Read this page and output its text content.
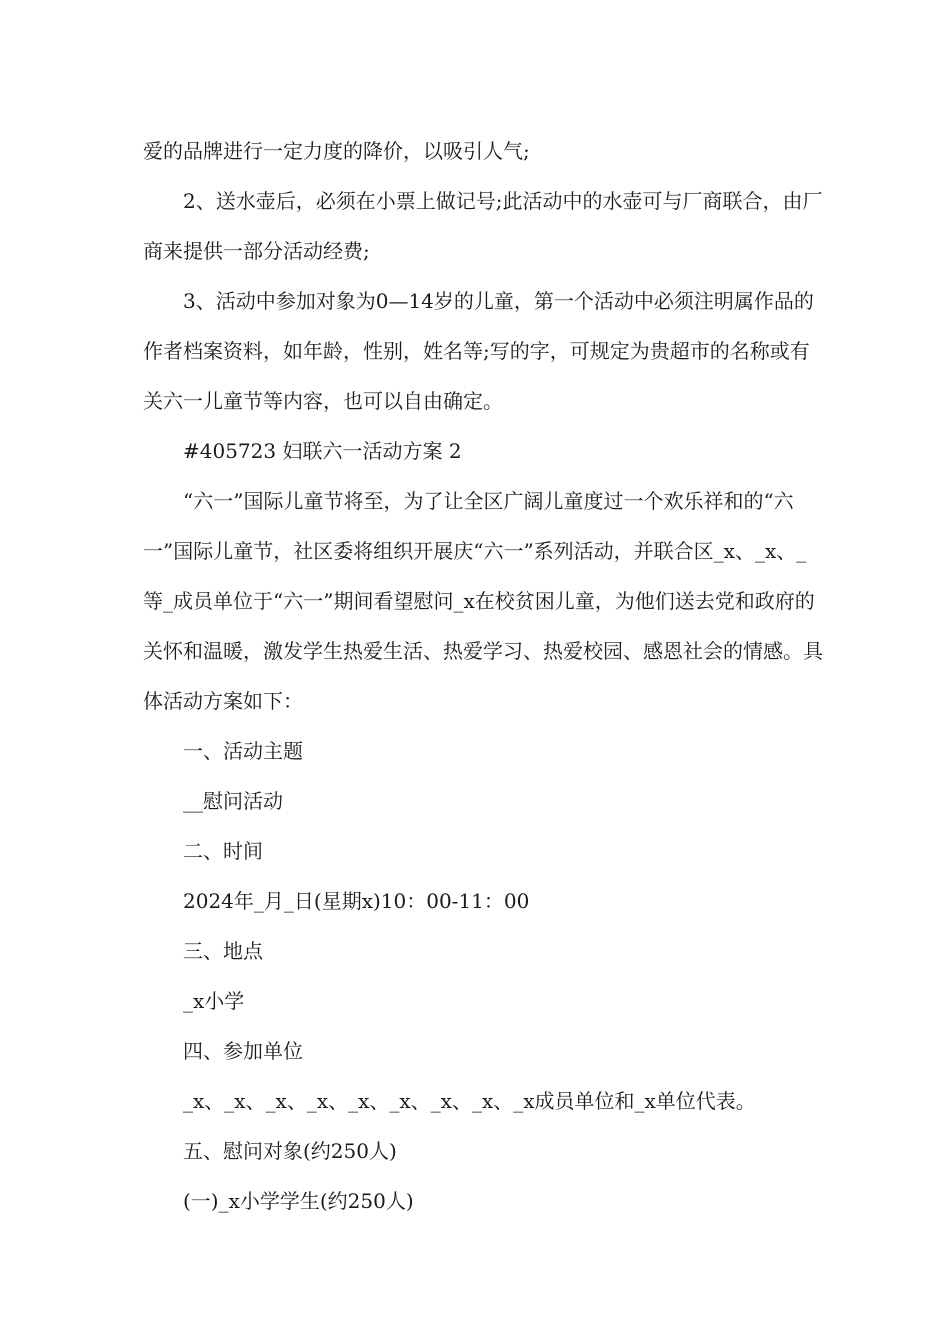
爱的品牌进行一定力度的降价，以吸引人气;

2、送水壶后，必须在小票上做记号;此活动中的水壶可与厂商联合，由厂商来提供一部分活动经费;

3、活动中参加对象为0—14岁的儿童，第一个活动中必须注明属作品的作者档案资料，如年龄，性别，姓名等;写的字，可规定为贵超市的名称或有关六一儿童节等内容，也可以自由确定。

#405723 妇联六一活动方案 2

“六一”国际儿童节将至，为了让全区广阔儿童度过一个欢乐祥和的“六一”国际儿童节，社区委将组织开展庆“六一”系列活动，并联合区_x、_x、_等_成员单位于“六一”期间看望慰问_x在校贫困儿童，为他们送去党和政府的关怀和温暖，激发学生热爱生活、热爱学习、热爱校园、感恩社会的情感。具体活动方案如下：

一、活动主题

__慰问活动

二、时间

2024年_月_日(星期x)10：00-11：00

三、地点

_x小学

四、参加单位

_x、_x、_x、_x、_x、_x、_x、_x、_x成员单位和_x单位代表。

五、慰问对象(约250人)

(一)_x小学学生(约250人)
